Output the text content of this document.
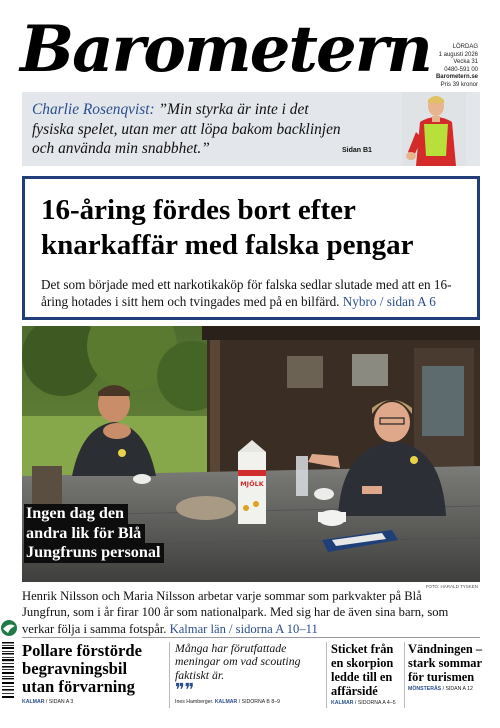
Barometern	LÖRDAG
1 augusti 2026
Vecka 31
0480-591 00
Barometern.se
Pris 39 kronor
Charlie Rosenqvist: ”Min styrka är inte i det fysiska spelet, utan mer att löpa bakom backlinjen och använda min snabbhet.”	Sidan B1
16-åring fördes bort efter knarkaffär med falska pengar
Det som började med ett narkotikaköp för falska sedlar slutade med att en 16-åring hotades i sitt hem och tvingades med på en bilfärd. Nybro / sidan A 6
MJÖLK
Ingen dag den
andra lik för Blå
Jungfruns personal
FOTO: HARALD TYSKEN
Henrik Nilsson och Maria Nilsson arbetar varje sommar som parkvakter på Blå Jungfrun, som i år firar 100 år som nationalpark. Med sig har de även sina barn, som verkar följa i samma fotspår. Kalmar län / sidorna A 10–11
Pollare förstörde begravningsbil utan förvarning
KALMAR / SIDAN A 3
Många har förutfattade meningar om vad scouting faktiskt är.
❞❞
Ines Hamberger. KALMAR / SIDORNA B 8–9
Sticket från en skorpion ledde till en affärsidé
KALMAR / SIDORNA A 4–5
Vändningen – stark sommar för turismen
MÖNSTERÅS / SIDAN A 12
